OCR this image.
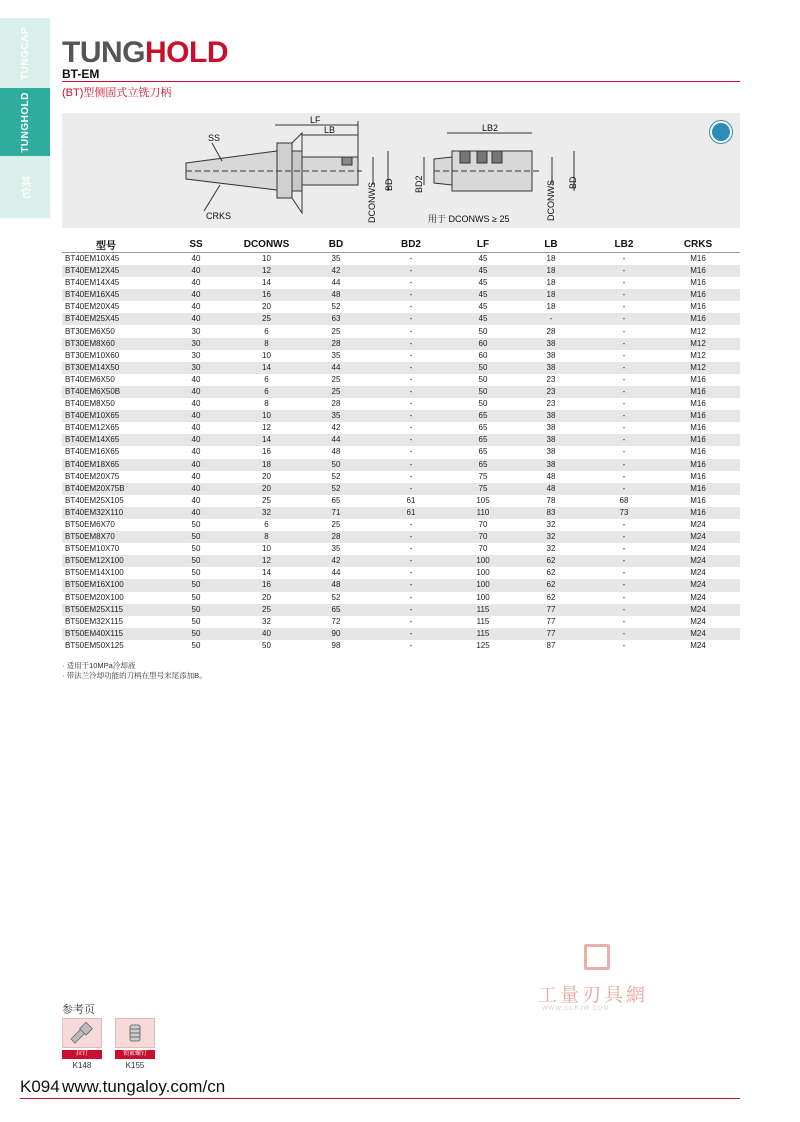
TUNGCAP
TUNGHOLD
其它
TUNGHOLD
BT-EM
(BT)型侧固式立铣刀柄
LF
LB
SS
CRKS	DCONWS BD
LB2
BD2	DCONWS BD
用于 DCONWS ≥ 25
型号	SS	DCONWS	BD	BD2	LF	LB	LB2	CRKS
BT40EM10X45	40	10	35	-	45	18	-	M16
BT40EM12X45	40	12	42	-	45	18	-	M16
BT40EM14X45	40	14	44	-	45	18	-	M16
BT40EM16X45	40	16	48	-	45	18	-	M16
BT40EM20X45	40	20	52	-	45	18	-	M16
BT40EM25X45	40	25	63	-	45	-	-	M16
BT30EM6X50	30	6	25	-	50	28	-	M12
BT30EM8X60	30	8	28	-	60	38	-	M12
BT30EM10X60	30	10	35	-	60	38	-	M12
BT30EM14X50	30	14	44	-	50	38	-	M12
BT40EM6X50	40	6	25	-	50	23	-	M16
BT40EM6X50B	40	6	25	-	50	23	-	M16
BT40EM8X50	40	8	28	-	50	23	-	M16
BT40EM10X65	40	10	35	-	65	38	-	M16
BT40EM12X65	40	12	42	-	65	38	-	M16
BT40EM14X65	40	14	44	-	65	38	-	M16
BT40EM16X65	40	16	48	-	65	38	-	M16
BT40EM18X65	40	18	50	-	65	38	-	M16
BT40EM20X75	40	20	52	-	75	48	-	M16
BT40EM20X75B	40	20	52	-	75	48	-	M16
BT40EM25X105	40	25	65	61	105	78	68	M16
BT40EM32X110	40	32	71	61	110	83	73	M16
BT50EM6X70	50	6	25	-	70	32	-	M24
BT50EM8X70	50	8	28	-	70	32	-	M24
BT50EM10X70	50	10	35	-	70	32	-	M24
BT50EM12X100	50	12	42	-	100	62	-	M24
BT50EM14X100	50	14	44	-	100	62	-	M24
BT50EM16X100	50	16	48	-	100	62	-	M24
BT50EM20X100	50	20	52	-	100	62	-	M24
BT50EM25X115	50	25	65	-	115	77	-	M24
BT50EM32X115	50	32	72	-	115	77	-	M24
BT50EM40X115	50	40	90	-	115	77	-	M24
BT50EM50X125	50	50	98	-	125	87	-	M24
· 适用于10MPa冷却液
· 带法兰冷却功能的刀柄在型号末尾添加B。
工量刃具網
WWW.GLRJW.COM
参考页
拉钉
K148
锁紧螺钉
K155
K094 www.tungaloy.com/cn
